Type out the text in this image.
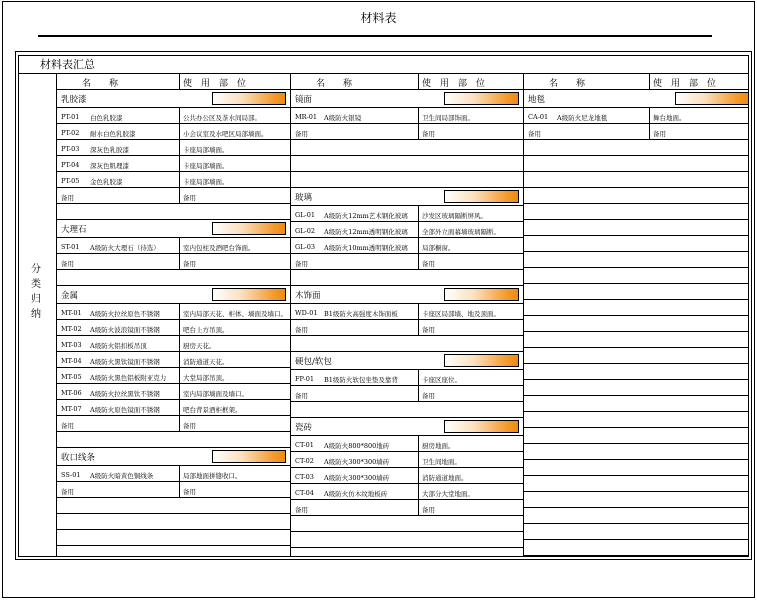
材料表
材料表汇总
分
类
归
纳
名　　称	使　用　部　位
乳胶漆
PT-01 白色乳胶漆	公共办公区及茶水间局部。
PT-02 耐水白色乳胶漆	小会议室及水吧区局部墙面。
PT-03 深灰色乳胶漆	卡座局部墙面。
PT-04 深灰色肌理漆	卡座局部墙面。
PT-05 金色乳胶漆	卡座局部墙面。
备用	备用
大理石
ST-01 A级防火大理石（待选）	室内包柱及酒吧台饰面。
备用	备用
金属
MT-01 A级防火拉丝原色不锈钢	室内局部天花、柜体、墙面及墙口。
MT-02 A级防火波浪镜面不锈钢	吧台上方吊顶。
MT-03 A级防火铝扣板吊顶	厨房天花。
MT-04 A级防火黑钛镜面不锈钢	消防通道天花。
MT-05 A级防火黑色铝板附亚克力	大堂局部吊顶。
MT-06 A级防火拉丝黑钛不锈钢	室内局部墙面及墙口。
MT-07 A级防火原色镜面不锈钢	吧台背景酒柜框架。
备用	备用
收口线条
SS-01 A级防火暗黄色铜线条	局部地面拼缝收口。
备用	备用
名　　称	使　用　部　位
镜面
MR-01 A级防火银镜	卫生间局部饰面。
备用	备用
玻璃
GL-01 A级防火12mm艺术钢化玻璃 沙发区玻璃隔断屏风。
GL-02 A级防火12mm透明钢化玻璃 全部外立面幕墙玻璃隔断。
GL-03 A级防火10mm透明钢化玻璃 局部橱窗。
备用	备用
木饰面
WD-01 B1级防火高强度木饰面板	卡座区局部墙、地及顶面。
备用	备用
硬包/软包
FP-01 B1级防火软包坐垫及靠背	卡座区座位。
备用	备用
瓷砖
CT-01 A级防火800*800地砖	厨房地面。
CT-02 A级防火300*300墙砖	卫生间地面。
CT-03 A级防火300*300墙砖	消防通道地面。
CT-04 A级防火仿木纹地板砖	大部分大堂地面。
备用	备用
名　　称	使　用　部　位
地毯
CA-01 A级防火尼龙地毯	舞台地面。
备用	备用
